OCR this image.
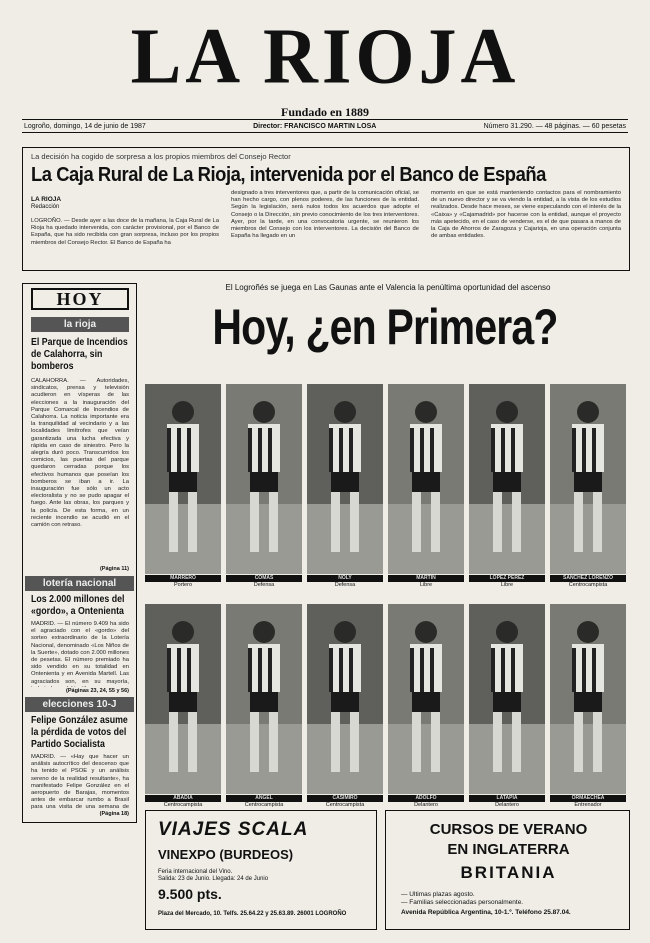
LA RIOJA
Fundado en 1889
Logroño, domingo, 14 de junio de 1987	Director: FRANCISCO MARTIN LOSA	Número 31.290. — 48 páginas. — 60 pesetas
La decisión ha cogido de sorpresa a los propios miembros del Consejo Rector
La Caja Rural de La Rioja, intervenida por el Banco de España
LA RIOJA
Redacción
LOGROÑO. — Desde ayer a las doce de la mañana, la Caja Rural de La Rioja ha quedado intervenida, con carácter provisional, por el Banco de España, que ha sido recibida con gran sorpresa, incluso por los propios miembros del Consejo Rector. El Banco de España ha
designado a tres interventores que, a partir de la comunicación oficial, se han hecho cargo, con plenos poderes, de las funciones de la entidad. Según la legislación, será nulos todos los acuerdos que adopte el Consejo o la Dirección, sin previo conocimiento de los tres interventores. Ayer, por la tarde, en una convocatoria urgente, se reunieron los miembros del Consejo con los interventores. La decisión del Banco de España ha llegado en un
momento en que se está manteniendo contactos para el nombramiento de un nuevo director y se va viendo la entidad, a la vista de los estudios realizados. Desde hace meses, se viene especulando con el interés de la «Caixa» y «Cajamadrid» por hacerse con la entidad, aunque el proyecto más apetecido, en el caso de venderse, es el de que pasara a manos de la Caja de Ahorros de Zaragoza y Cajarioja, en una operación conjunta de ambas entidades.
HOY
la rioja
El Parque de Incendios de Calahorra, sin bomberos
CALAHORRA. — Autoridades, sindicatos, prensa y televisión acudieron en vísperas de las elecciones a la inauguración del Parque Comarcal de Incendios de Calahorra. La noticia importante era la tranquilidad al vecindario y a las localidades limítrofes que veían garantizada una lucha efectiva y rápida en caso de siniestro. Pero la alegría duró poco. Transcurridos los comicios, las puertas del parque quedaron cerradas porque los efectivos humanos que poseían los bomberos se iban a ir. La inauguración fue sólo un acto electoralista y no se pudo apagar el fuego. Ante las obras, los parques y la policía. De esta forma, en un reciente incendio se acudió en el camión con retraso.
(Página 11)
lotería nacional
Los 2.000 millones del «gordo», a Ontenienta
MADRID. — El número 9.409 ha sido el agraciado con el «gordo» del sorteo extraordinario de la Lotería Nacional, denominado «Los Niños de la Suerte», dotado con 2.000 millones de pesetas. El número premiado ha sido vendido en su totalidad en Ontenienta y en Avenida Martell. Las agraciados son, en su mayoría,
(Páginas 23, 24, 55 y 56)
elecciones 10-J
Felipe González asume la pérdida de votos del Partido Socialista
MADRID. — «Hay que hacer un análisis autocrítico del descenso que ha tenido el PSOE y un análisis sereno de la realidad resultante», ha manifestado Felipe González en el aeropuerto de Barajas, momentos antes de embarcar rumbo a Brasil para una visita de una semana de
(Página 18)
El Logroñés se juega en Las Gaunas ante el Valencia la penúltima oportunidad del ascenso
Hoy, ¿en Primera?
MARRERO
Portero
COMAS
Defensa
NOLY
Defensa
MARTIN
Libre
LOPEZ PEREZ
Libre
SANCHEZ LORENZO
Centrocampista
ABADIA
Centrocampista
ANGEL
Centrocampista
CASIMIRO
Centrocampista
ADOLFO
Delantero
LATAPIA
Delantero
ORMAECHEA
Entrenador
VIAJES SCALA
VINEXPO (BURDEOS)
Feria internacional del Vino.
Salida: 23 de Junio. Llegada: 24 de Junio
9.500 pts.
Plaza del Mercado, 10. Telfs. 25.64.22 y 25.63.89. 26001 LOGROÑO
CURSOS DE VERANO
EN INGLATERRA
BRITANIA
— Ultimas plazas agosto.
— Familias seleccionadas personalmente.
Avenida República Argentina, 10-1.º. Teléfono 25.87.04.
